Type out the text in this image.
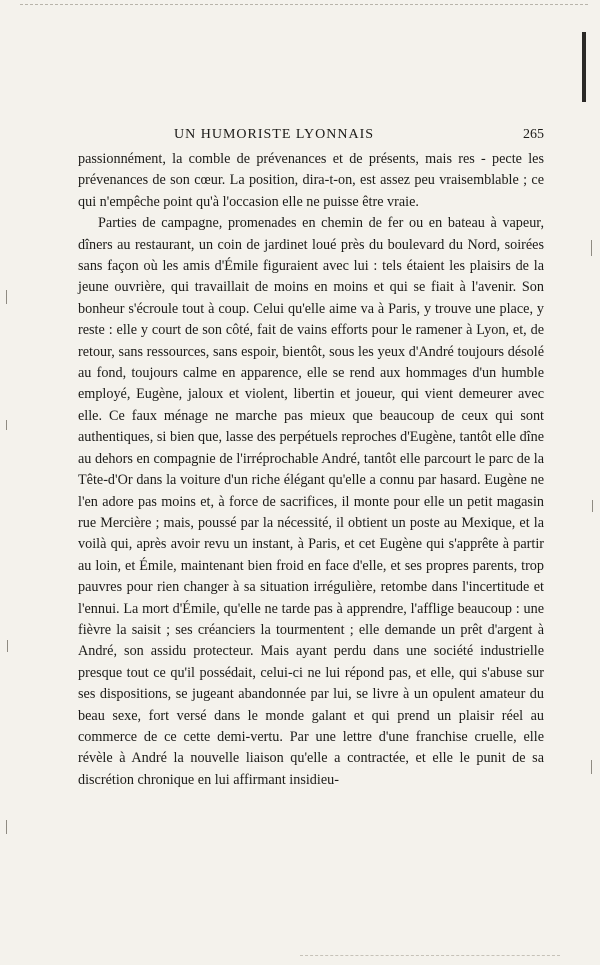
UN HUMORISTE LYONNAIS	265

passionnément, la comble de prévenances et de présents, mais res - pecte les prévenances de son cœur. La position, dira-t-on, est assez peu vraisemblable ; ce qui n'empêche point qu'à l'occasion elle ne puisse être vraie.

Parties de campagne, promenades en chemin de fer ou en bateau à vapeur, dîners au restaurant, un coin de jardinet loué près du boulevard du Nord, soirées sans façon où les amis d'Émile figuraient avec lui : tels étaient les plaisirs de la jeune ouvrière, qui travaillait de moins en moins et qui se fiait à l'avenir. Son bonheur s'écroule tout à coup. Celui qu'elle aime va à Paris, y trouve une place, y reste : elle y court de son côté, fait de vains efforts pour le ramener à Lyon, et, de retour, sans ressources, sans espoir, bientôt, sous les yeux d'André toujours désolé au fond, toujours calme en apparence, elle se rend aux hommages d'un humble employé, Eugène, jaloux et violent, libertin et joueur, qui vient demeurer avec elle. Ce faux ménage ne marche pas mieux que beaucoup de ceux qui sont authentiques, si bien que, lasse des perpétuels reproches d'Eugène, tantôt elle dîne au dehors en compagnie de l'irréprochable André, tantôt elle parcourt le parc de la Tête-d'Or dans la voiture d'un riche élégant qu'elle a connu par hasard. Eugène ne l'en adore pas moins et, à force de sacrifices, il monte pour elle un petit magasin rue Mercière ; mais, poussé par la nécessité, il obtient un poste au Mexique, et la voilà qui, après avoir revu un instant, à Paris, et cet Eugène qui s'apprête à partir au loin, et Émile, maintenant bien froid en face d'elle, et ses propres parents, trop pauvres pour rien changer à sa situation irrégulière, retombe dans l'incertitude et l'ennui. La mort d'Émile, qu'elle ne tarde pas à apprendre, l'afflige beaucoup : une fièvre la saisit ; ses créanciers la tourmentent ; elle demande un prêt d'argent à André, son assidu protecteur. Mais ayant perdu dans une société industrielle presque tout ce qu'il possédait, celui-ci ne lui répond pas, et elle, qui s'abuse sur ses dispositions, se jugeant abandonnée par lui, se livre à un opulent amateur du beau sexe, fort versé dans le monde galant et qui prend un plaisir réel au commerce de ce cette demi-vertu. Par une lettre d'une franchise cruelle, elle révèle à André la nouvelle liaison qu'elle a contractée, et elle le punit de sa discrétion chronique en lui affirmant insidieu-
